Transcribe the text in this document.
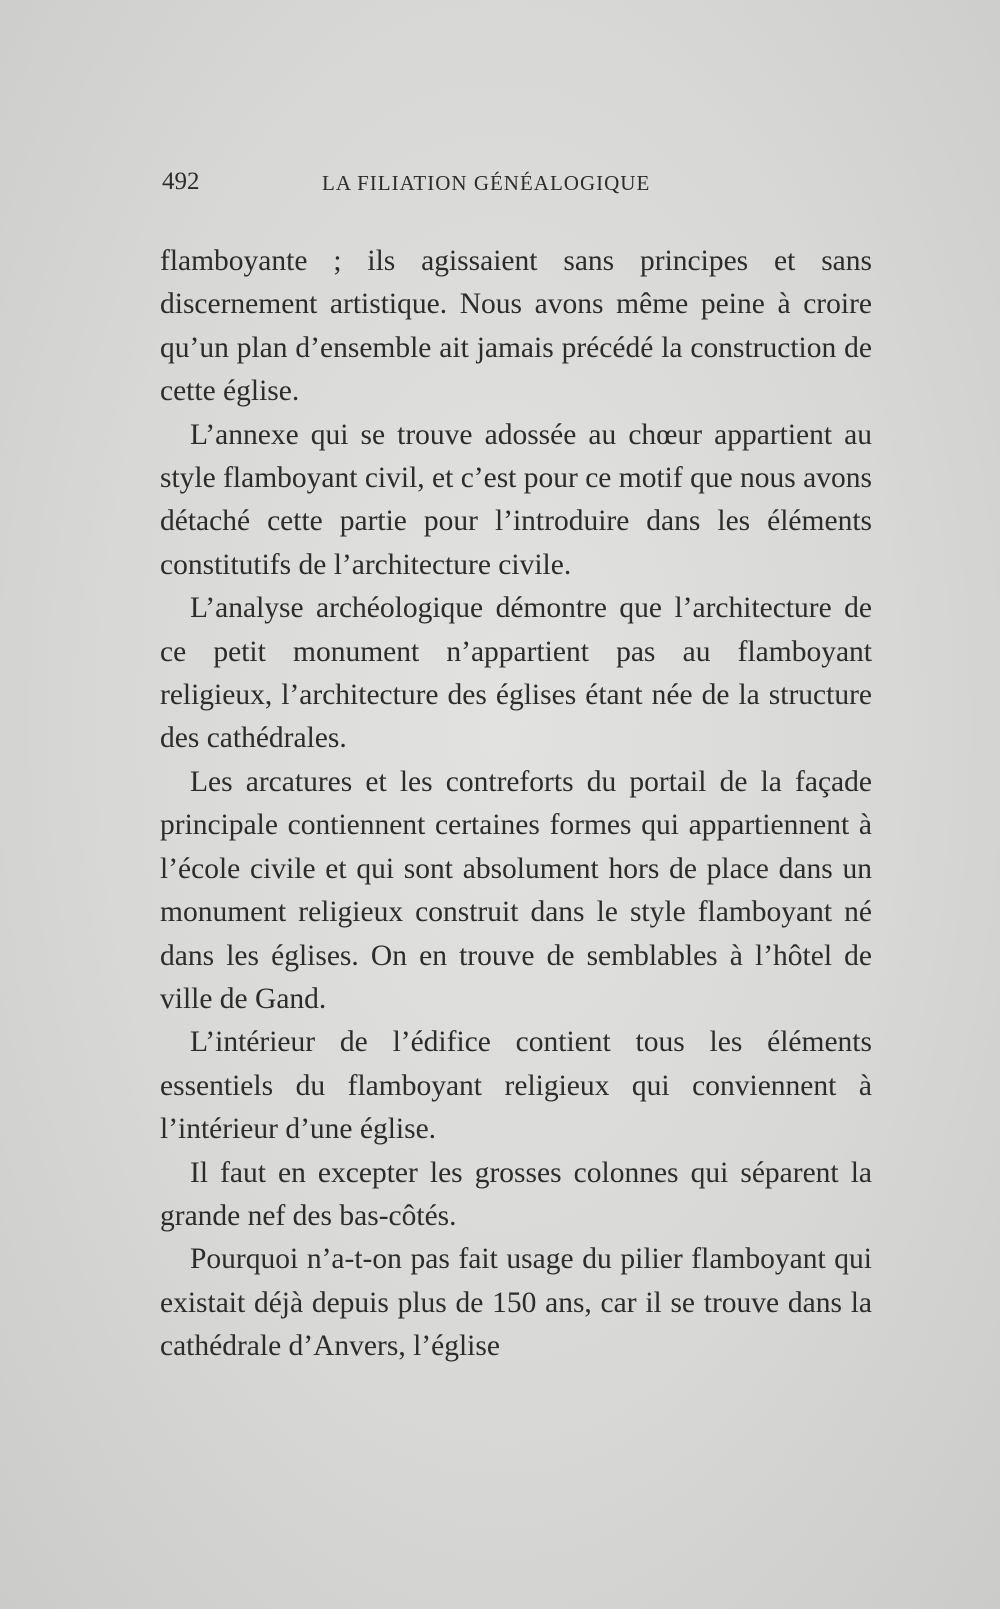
492	LA FILIATION GÉNÉALOGIQUE

flamboyante ; ils agissaient sans principes et sans discernement artistique. Nous avons même peine à croire qu’un plan d’ensemble ait jamais précédé la construction de cette église.

L’annexe qui se trouve adossée au chœur appartient au style flamboyant civil, et c’est pour ce motif que nous avons détaché cette partie pour l’introduire dans les éléments constitutifs de l’architecture civile.

L’analyse archéologique démontre que l’architecture de ce petit monument n’appartient pas au flamboyant religieux, l’architecture des églises étant née de la structure des cathédrales.

Les arcatures et les contreforts du portail de la façade principale contiennent certaines formes qui appartiennent à l’école civile et qui sont absolument hors de place dans un monument religieux construit dans le style flamboyant né dans les églises. On en trouve de semblables à l’hôtel de ville de Gand.

L’intérieur de l’édifice contient tous les éléments essentiels du flamboyant religieux qui conviennent à l’intérieur d’une église.

Il faut en excepter les grosses colonnes qui séparent la grande nef des bas-côtés.

Pourquoi n’a-t-on pas fait usage du pilier flamboyant qui existait déjà depuis plus de 150 ans, car il se trouve dans la cathédrale d’Anvers, l’église
